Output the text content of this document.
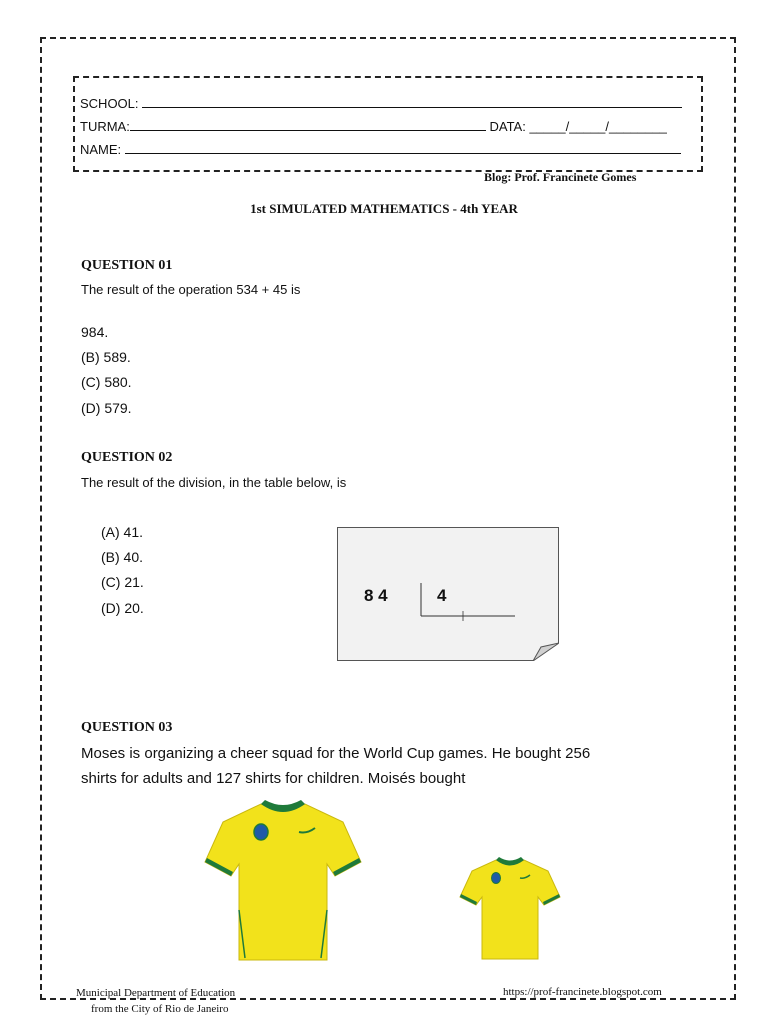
SCHOOL:
TURMA:	DATA: _____/_____/________
NAME:
Blog: Prof. Francinete Gomes
1st SIMULATED MATHEMATICS - 4th YEAR
QUESTION 01
The result of the operation 534 + 45 is
984.
(B) 589.
(C) 580.
(D) 579.
QUESTION 02
The result of the division, in the table below, is
(A) 41.
(B) 40.
(C) 21.
(D) 20.
8 4	4
QUESTION 03
Moses is organizing a cheer squad for the World Cup games. He bought 256
shirts for adults and 127 shirts for children. Moisés bought
Municipal Department of Education
from the City of Rio de Janeiro
https://prof-francinete.blogspot.com
